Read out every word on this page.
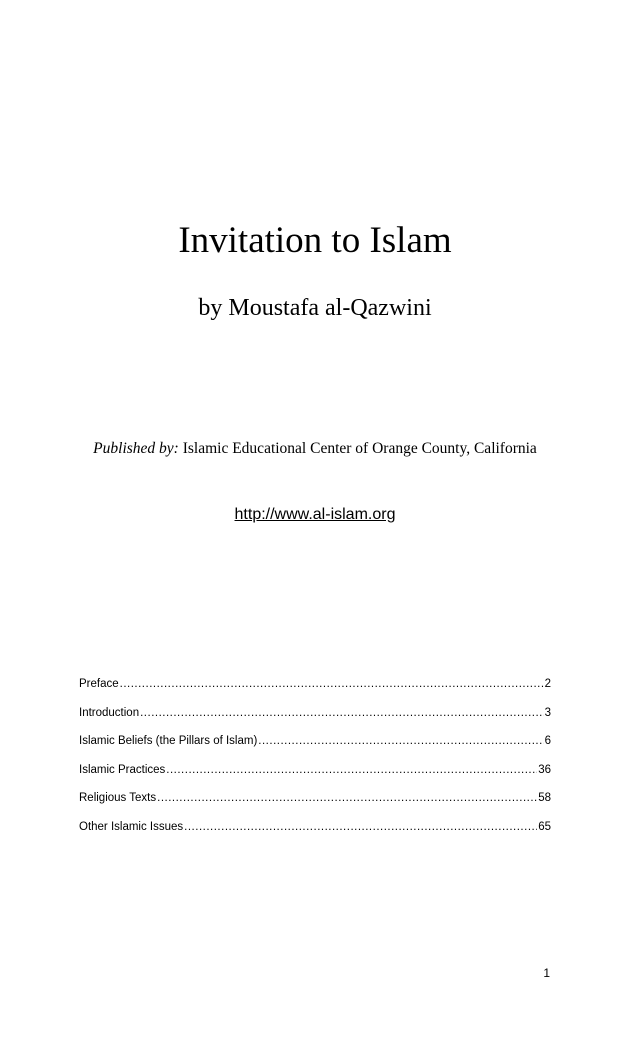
Invitation to Islam
by Moustafa al-Qazwini
Published by: Islamic Educational Center of Orange County, California
http://www.al-islam.org
Preface .....	2
Introduction .....	3
Islamic Beliefs (the Pillars of Islam) .....	6
Islamic Practices .....	36
Religious Texts .....	58
Other Islamic Issues .....	65
1
